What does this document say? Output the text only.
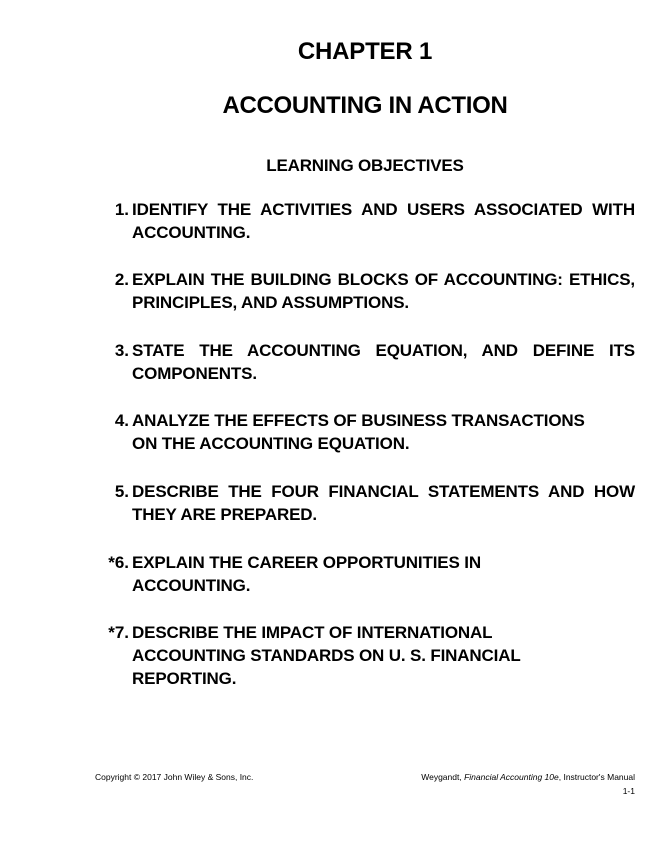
CHAPTER 1
ACCOUNTING IN ACTION
LEARNING OBJECTIVES
1. IDENTIFY THE ACTIVITIES AND USERS ASSOCIATED WITH ACCOUNTING.
2. EXPLAIN THE BUILDING BLOCKS OF ACCOUNTING: ETHICS, PRINCIPLES, AND ASSUMPTIONS.
3. STATE THE ACCOUNTING EQUATION, AND DEFINE ITS COMPONENTS.
4. ANALYZE THE EFFECTS OF BUSINESS TRANSACTIONS ON THE ACCOUNTING EQUATION.
5. DESCRIBE THE FOUR FINANCIAL STATEMENTS AND HOW THEY ARE PREPARED.
*6. EXPLAIN THE CAREER OPPORTUNITIES IN ACCOUNTING.
*7. DESCRIBE THE IMPACT OF INTERNATIONAL ACCOUNTING STANDARDS ON U. S. FINANCIAL REPORTING.
Copyright © 2017 John Wiley & Sons, Inc.	Weygandt, Financial Accounting 10e, Instructor's Manual
1-1
